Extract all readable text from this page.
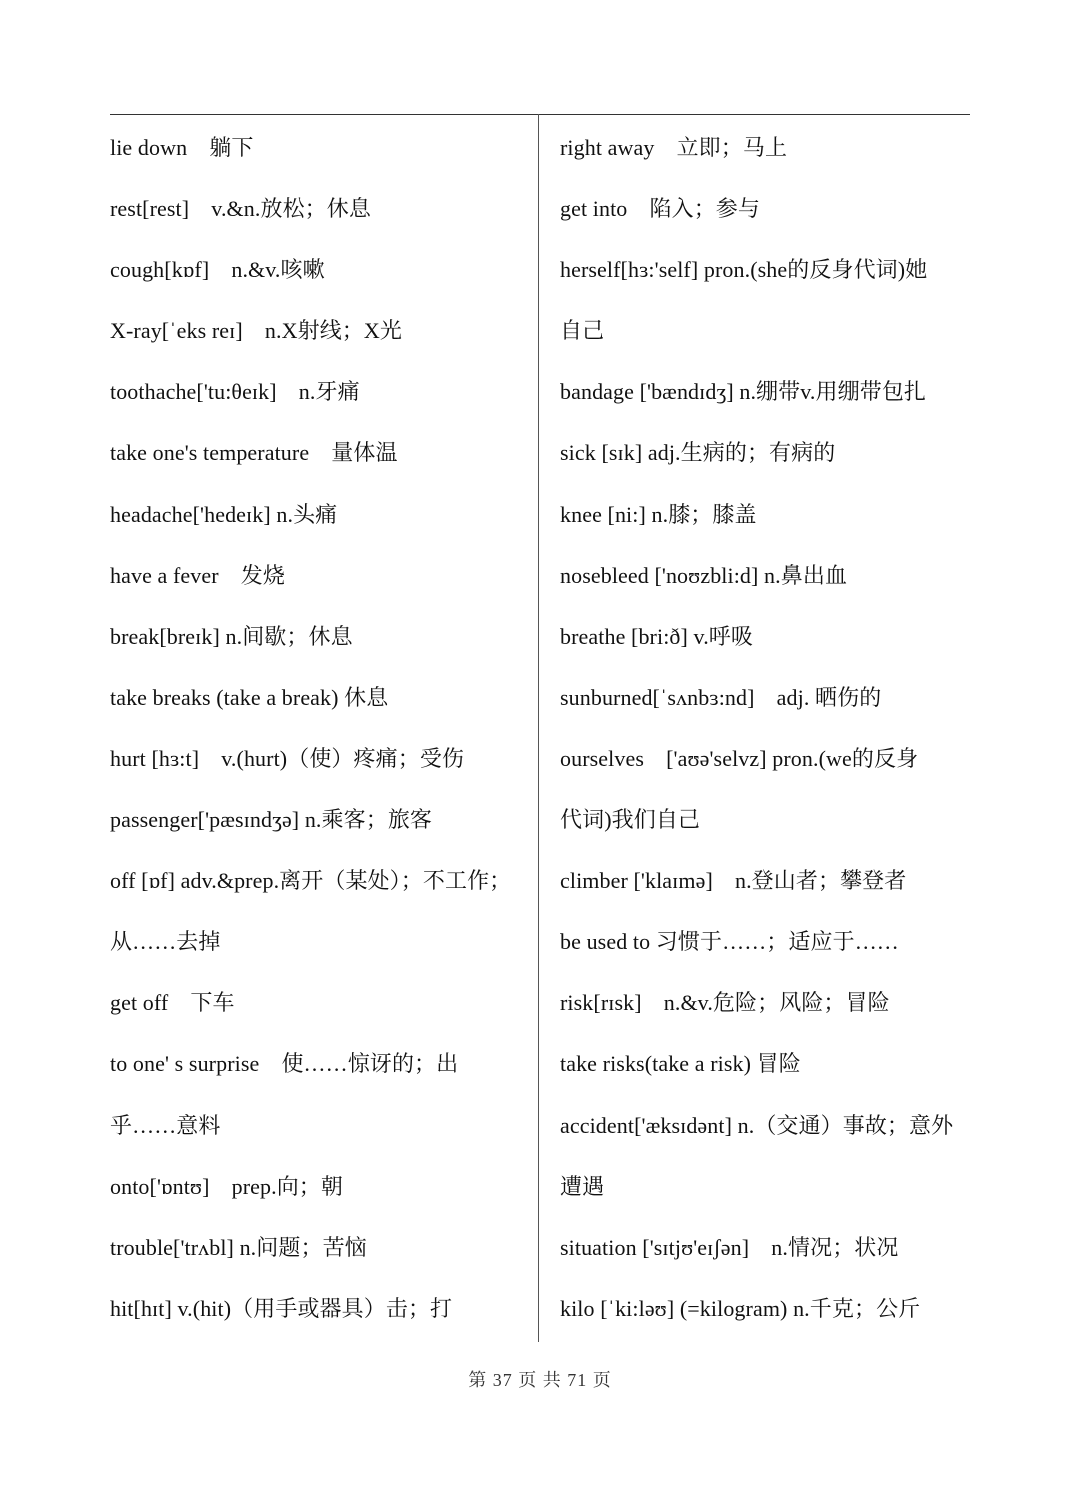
lie down　躺下
rest[rest]　v.&n.放松；休息
cough[kɒf]　n.&v.咳嗽
X-ray[ˈeks reɪ]　n.X射线；X光
toothache['tu:θeɪk]　n.牙痛
take one's temperature　量体温
headache['hedeɪk] n.头痛
have a fever　发烧
break[breɪk] n.间歇；休息
take breaks (take a break) 休息
hurt [hɜ:t]　v.(hurt)（使）疼痛；受伤
passenger['pæsɪndʒə] n.乘客；旅客
off [ɒf] adv.&prep.离开（某处）；不工作；
从……去掉
get off　下车
to one' s surprise　使……惊讶的；出
乎……意料
onto['ɒntʊ]　prep.向；朝
trouble['trʌbl] n.问题；苦恼
hit[hɪt] v.(hit)（用手或器具）击；打
right away　立即；马上
get into　陷入；参与
herself[hɜ:'self] pron.(she的反身代词)她
自己
bandage ['bændɪdʒ] n.绷带v.用绷带包扎
sick [sɪk] adj.生病的；有病的
knee [ni:] n.膝；膝盖
nosebleed ['noʊzbli:d] n.鼻出血
breathe [bri:ð] v.呼吸
sunburned[ˈsʌnbɜ:nd]　adj. 晒伤的
ourselves　['aʊə'selvz] pron.(we的反身
代词)我们自己
climber ['klaɪmə]　n.登山者；攀登者
be used to 习惯于……；适应于……
risk[rɪsk]　n.&v.危险；风险；冒险
take risks(take a risk) 冒险
accident['æksɪdənt] n.（交通）事故；意外
遭遇
situation ['sɪtjʊ'eɪʃən]　n.情况；状况
kilo [ˈki:ləʊ] (=kilogram) n.千克；公斤
第 37 页 共 71 页
